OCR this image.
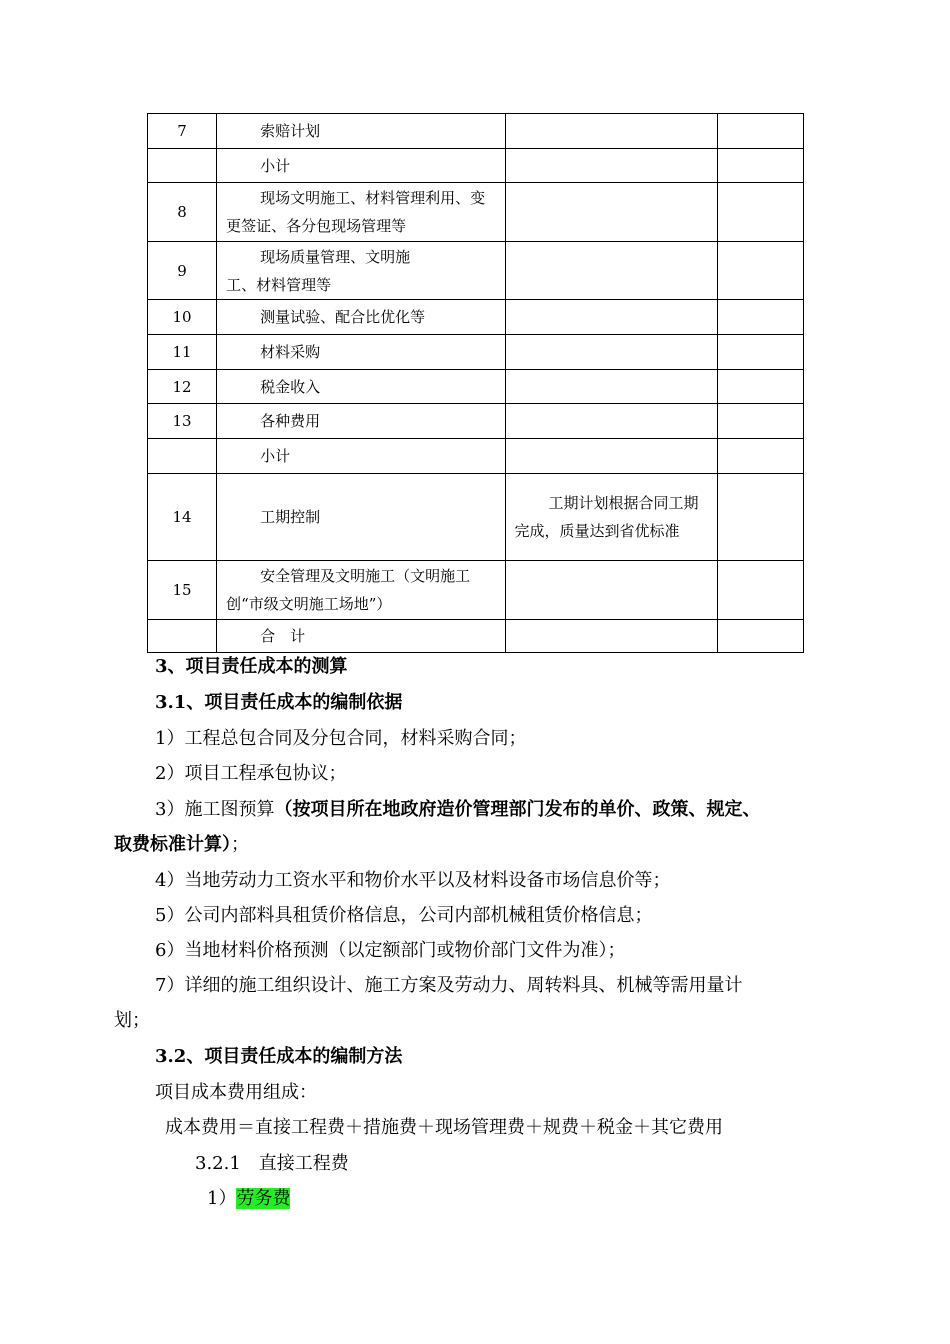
7	索赔计划		
	小计		
8	现场文明施工、材料管理利用、变更签证、各分包现场管理等		
9	现场质量管理、文明施工、材料管理等		
10	测量试验、配合比优化等		
11	材料采购		
12	税金收入		
13	各种费用		
	小计		
14	工期控制	工期计划根据合同工期完成，质量达到省优标准	
15	安全管理及文明施工（文明施工创“市级文明施工场地”）		
	合　计		
3、项目责任成本的测算
3.1、项目责任成本的编制依据
1）工程总包合同及分包合同，材料采购合同；
2）项目工程承包协议；
3）施工图预算（按项目所在地政府造价管理部门发布的单价、政策、规定、
取费标准计算）；
4）当地劳动力工资水平和物价水平以及材料设备市场信息价等；
5）公司内部料具租赁价格信息，公司内部机械租赁价格信息；
6）当地材料价格预测（以定额部门或物价部门文件为准）；
7）详细的施工组织设计、施工方案及劳动力、周转料具、机械等需用量计
划；
3.2、项目责任成本的编制方法
项目成本费用组成：
成本费用＝直接工程费＋措施费＋现场管理费＋规费＋税金＋其它费用
3.2.1　直接工程费
1）劳务费
